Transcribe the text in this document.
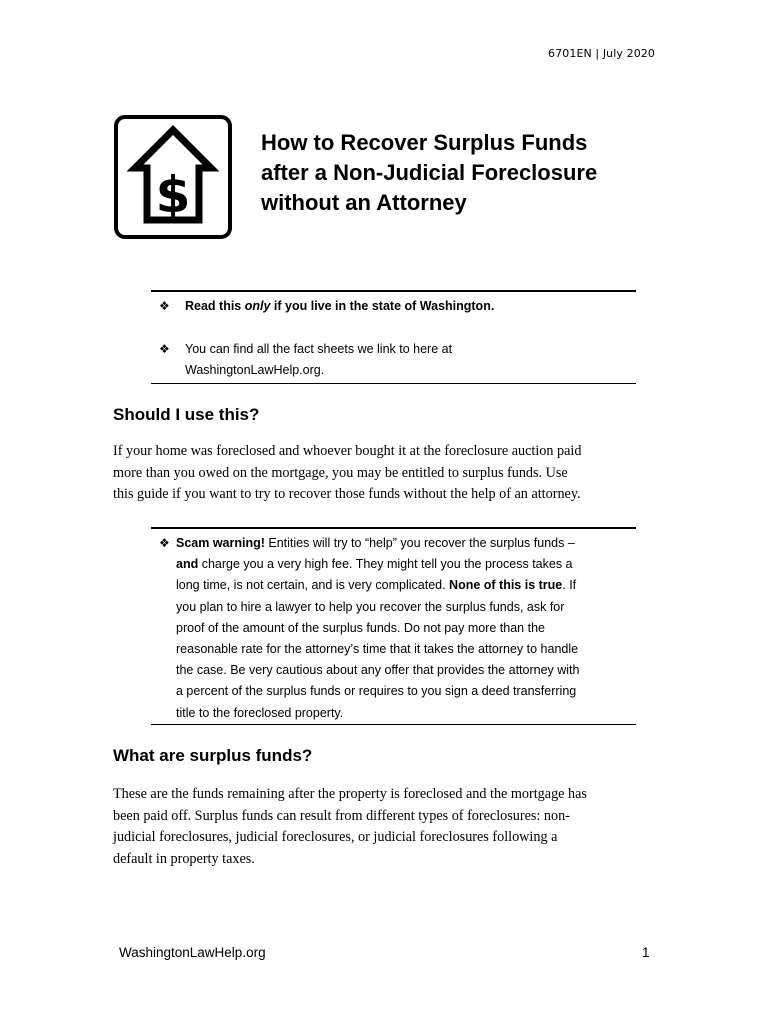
6701EN | July 2020
$
How to Recover Surplus Funds
after a Non-Judicial Foreclosure
without an Attorney
❖	Read this only if you live in the state of Washington.
❖	You can find all the fact sheets we link to here at
WashingtonLawHelp.org.
Should I use this?
If your home was foreclosed and whoever bought it at the foreclosure auction paid
more than you owed on the mortgage, you may be entitled to surplus funds. Use
this guide if you want to try to recover those funds without the help of an attorney.
❖ Scam warning! Entities will try to “help” you recover the surplus funds –
and charge you a very high fee. They might tell you the process takes a
long time, is not certain, and is very complicated. None of this is true. If
you plan to hire a lawyer to help you recover the surplus funds, ask for
proof of the amount of the surplus funds. Do not pay more than the
reasonable rate for the attorney’s time that it takes the attorney to handle
the case. Be very cautious about any offer that provides the attorney with
a percent of the surplus funds or requires to you sign a deed transferring
title to the foreclosed property.
What are surplus funds?
These are the funds remaining after the property is foreclosed and the mortgage has
been paid off. Surplus funds can result from different types of foreclosures: non-
judicial foreclosures, judicial foreclosures, or judicial foreclosures following a
default in property taxes.
WashingtonLawHelp.org	1
